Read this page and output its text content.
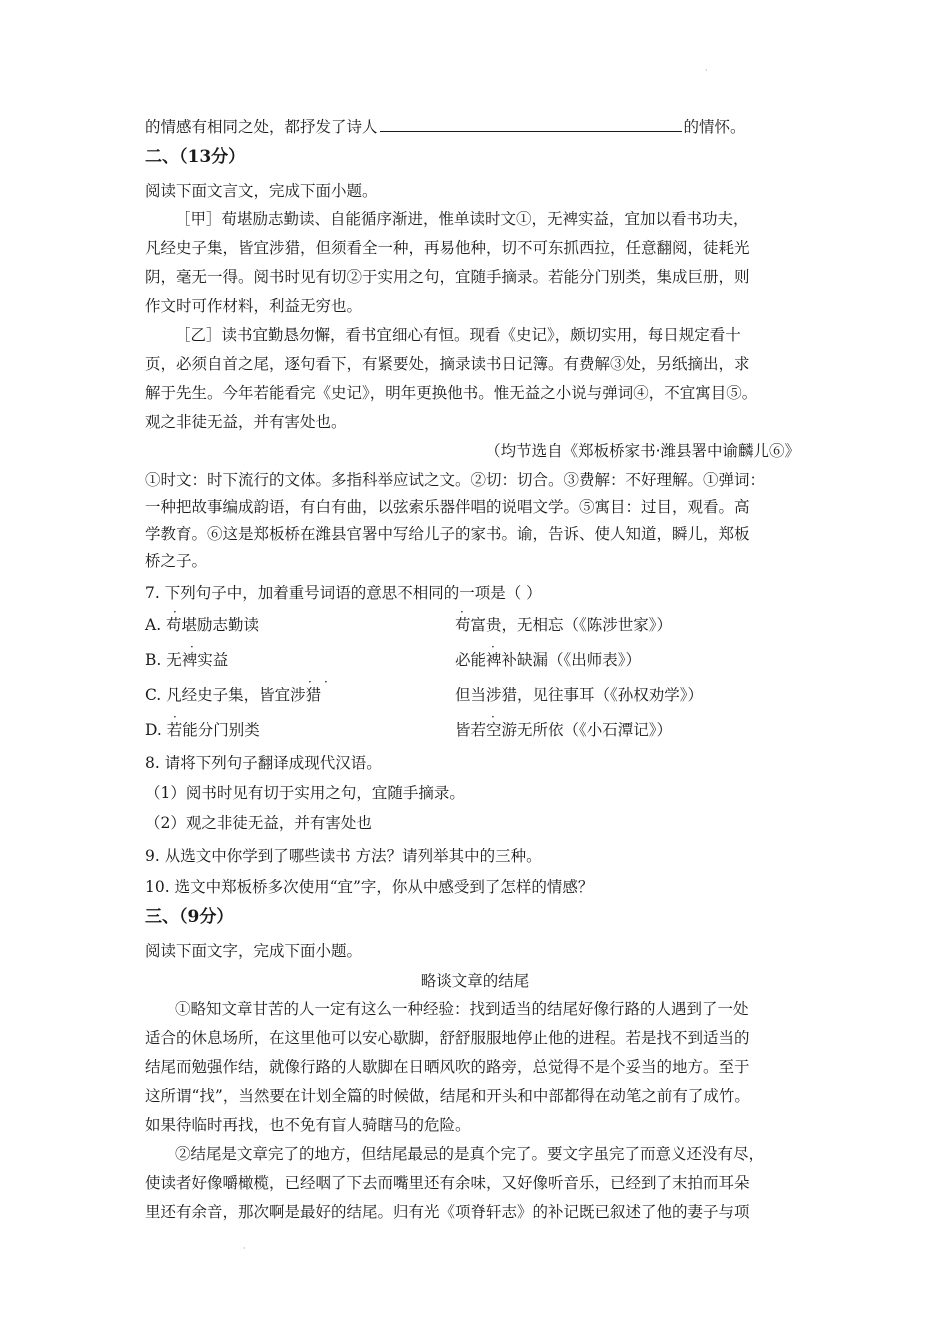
·
的情感有相同之处，都抒发了诗人	的情怀。
二、（13分）
阅读下面文言文，完成下面小题。
［甲］荀堪励志勤读、自能循序渐进，惟单读时文①，无裨实益，宜加以看书功夫，
凡经史子集，皆宜涉猎，但须看全一种，再易他种，切不可东抓西拉，任意翻阅，徒耗光
阴，毫无一得。阅书时见有切②于实用之句，宜随手摘录。若能分门别类，集成巨册，则
作文时可作材料，利益无穷也。
［乙］读书宜勤恳勿懈，看书宜细心有恒。现看《史记》，颇切实用，每日规定看十
页，必须自首之尾，逐句看下，有紧要处，摘录读书日记簿。有费解③处，另纸摘出，求
解于先生。今年若能看完《史记》，明年更换他书。惟无益之小说与弹词④，不宜寓目⑤。
观之非徒无益，并有害处也。
（均节选自《郑板桥家书·潍县署中谕麟儿⑥》
①时文：时下流行的文体。多指科举应试之文。②切：切合。③费解：不好理解。①弹词：
一种把故事编成韵语，有白有曲，以弦索乐器伴唱的说唱文学。⑤寓目：过目，观看。高
学教育。⑥这是郑板桥在潍县官署中写给儿子的家书。谕，告诉、使人知道，瞬儿，郑板
桥之子。
7. 下列句子中，加着重号词语的意思不相同的一项是（ ）
A. 苟堪励志勤读	苟富贵，无相忘（《陈涉世家》）
B. 无裨实益	必能裨补缺漏（《出师表》）
C. 凡经史子集，皆宜涉猎	但当涉猎，见往事耳（《孙权劝学》）
D. 若能分门别类	皆若空游无所依（《小石潭记》）
·	·
·	·
· ·
·	·
8. 请将下列句子翻译成现代汉语。
（1）阅书时见有切于实用之句，宜随手摘录。
（2）观之非徒无益，并有害处也
9. 从选文中你学到了哪些读书 方法？请列举其中的三种。
10. 选文中郑板桥多次使用“宜”字，你从中感受到了怎样的情感？
三、（9分）
阅读下面文字，完成下面小题。
略谈文章的结尾
①略知文章甘苦的人一定有这么一种经验：找到适当的结尾好像行路的人遇到了一处
适合的休息场所，在这里他可以安心歇脚，舒舒服服地停止他的进程。若是找不到适当的
结尾而勉强作结，就像行路的人歇脚在日晒风吹的路旁，总觉得不是个妥当的地方。至于
这所谓“找”，当然要在计划全篇的时候做，结尾和开头和中部都得在动笔之前有了成竹。
如果待临时再找，也不免有盲人骑瞎马的危险。
②结尾是文章完了的地方，但结尾最忌的是真个完了。要文字虽完了而意义还没有尽，
使读者好像嚼橄榄，已经咽了下去而嘴里还有余味，又好像听音乐，已经到了末拍而耳朵
里还有余音，那次啊是最好的结尾。归有光《项脊轩志》的补记既已叙述了他的妻子与项
·
